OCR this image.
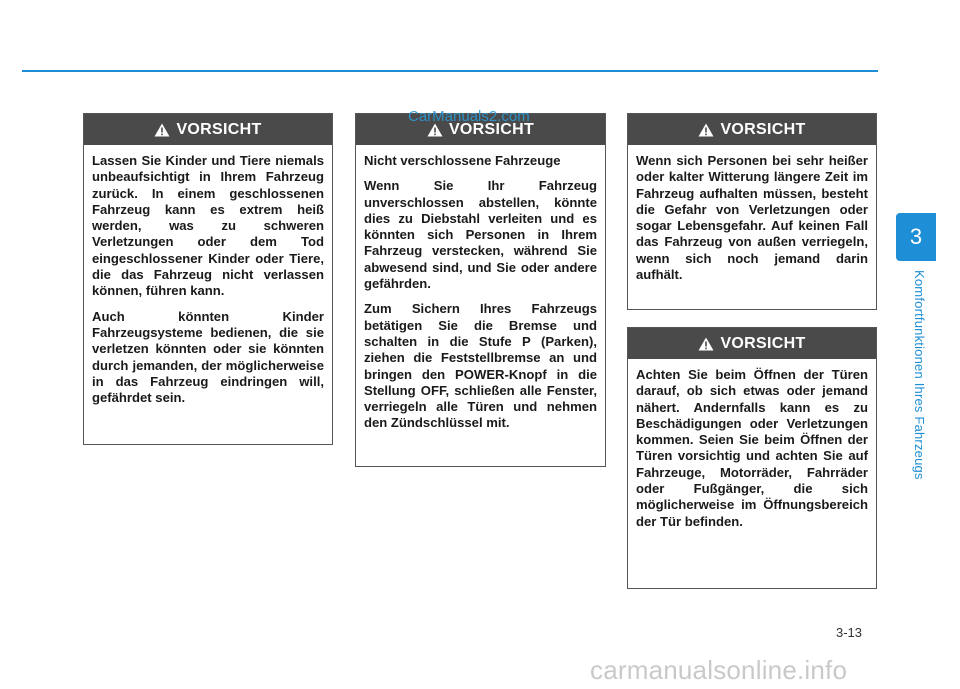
VORSICHT

Lassen Sie Kinder und Tiere niemals unbeaufsichtigt in Ihrem Fahrzeug zurück. In einem geschlossenen Fahrzeug kann es extrem heiß werden, was zu schweren Verletzungen oder dem Tod eingeschlossener Kinder oder Tiere, die das Fahrzeug nicht verlassen können, führen kann.

Auch könnten Kinder Fahrzeugsysteme bedienen, die sie verletzen könnten oder sie könnten durch jemanden, der möglicherweise in das Fahrzeug eindringen will, gefährdet sein.

VORSICHT

Nicht verschlossene Fahrzeuge

Wenn Sie Ihr Fahrzeug unverschlossen abstellen, könnte dies zu Diebstahl verleiten und es könnten sich Personen in Ihrem Fahrzeug verstecken, während Sie abwesend sind, und Sie oder andere gefährden.

Zum Sichern Ihres Fahrzeugs betätigen Sie die Bremse und schalten in die Stufe P (Parken), ziehen die Feststellbremse an und bringen den POWER-Knopf in die Stellung OFF, schließen alle Fenster, verriegeln alle Türen und nehmen den Zündschlüssel mit.

VORSICHT

Wenn sich Personen bei sehr heißer oder kalter Witterung längere Zeit im Fahrzeug aufhalten müssen, besteht die Gefahr von Verletzungen oder sogar Lebensgefahr. Auf keinen Fall das Fahrzeug von außen verriegeln, wenn sich noch jemand darin aufhält.

VORSICHT

Achten Sie beim Öffnen der Türen darauf, ob sich etwas oder jemand nähert. Andernfalls kann es zu Beschädigungen oder Verletzungen kommen. Seien Sie beim Öffnen der Türen vorsichtig und achten Sie auf Fahrzeuge, Motorräder, Fahrräder oder Fußgänger, die sich möglicherweise im Öffnungsbereich der Tür befinden.

CarManuals2.com
3
Komfortfunktionen Ihres Fahrzeugs
3-13
carmanualsonline.info
